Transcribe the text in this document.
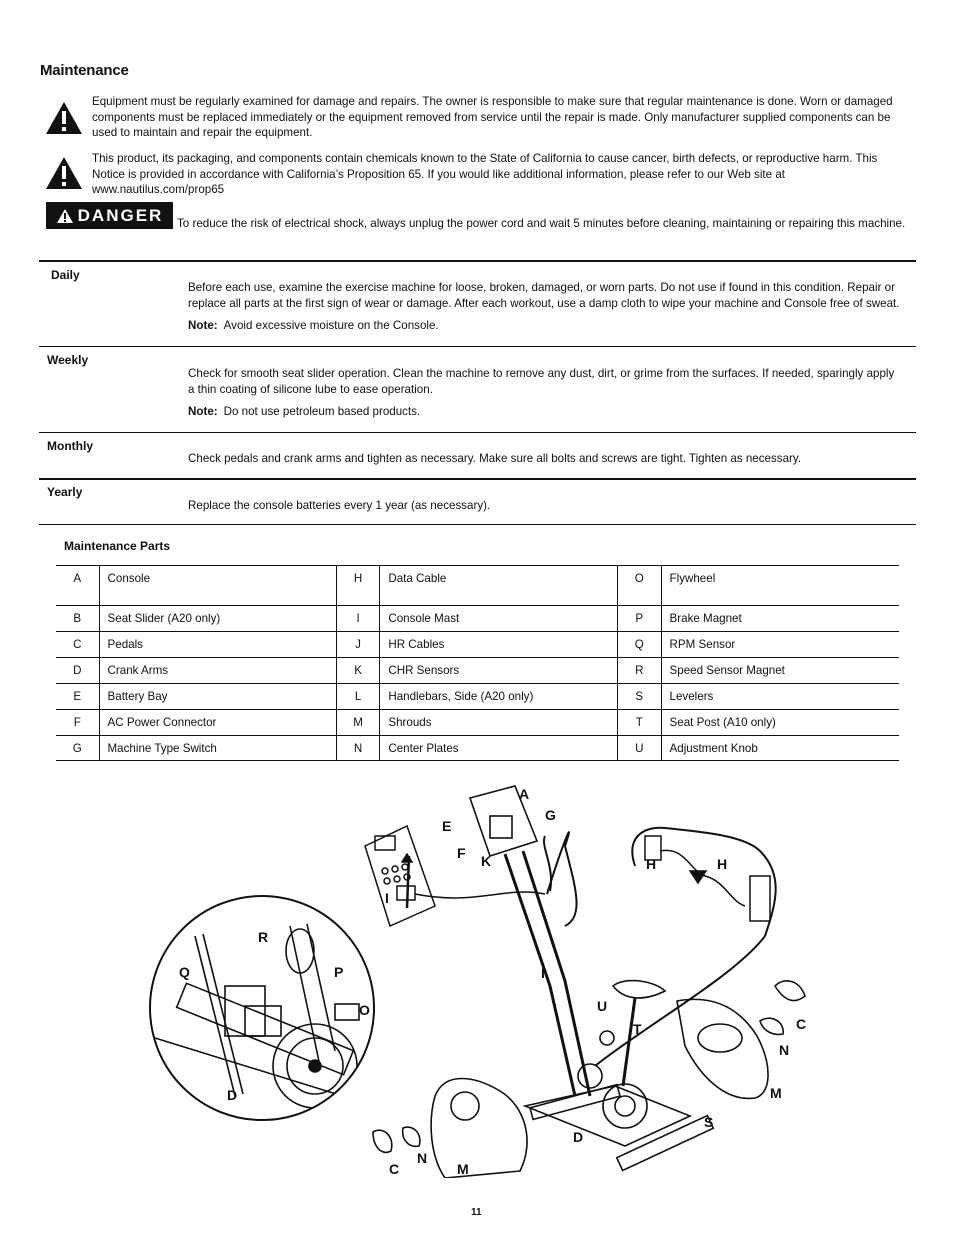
Maintenance
Equipment must be regularly examined for damage and repairs. The owner is responsible to make sure that regular maintenance is done. Worn or damaged components must be replaced immediately or the equipment removed from service until the repair is made. Only manufacturer supplied components can be used to maintain and repair the equipment.
This product, its packaging, and components contain chemicals known to the State of California to cause cancer, birth defects, or reproductive harm. This Notice is provided in accordance with California’s Proposition 65. If you would like additional information, please refer to our Web site at www.nautilus.com/prop65
DANGER To reduce the risk of electrical shock, always unplug the power cord and wait 5 minutes before cleaning, maintaining or repairing this machine.
Daily
Before each use, examine the exercise machine for loose, broken, damaged, or worn parts. Do not use if found in this condition. Repair or replace all parts at the first sign of wear or damage. After each workout, use a damp cloth to wipe your machine and Console free of sweat.
Note: Avoid excessive moisture on the Console.
Weekly
Check for smooth seat slider operation. Clean the machine to remove any dust, dirt, or grime from the surfaces. If needed, sparingly apply a thin coating of silicone lube to ease operation.
Note: Do not use petroleum based products.
Monthly
Check pedals and crank arms and tighten as necessary. Make sure all bolts and screws are tight. Tighten as necessary.
Yearly
Replace the console batteries every 1 year (as necessary).
Maintenance Parts
A	Console	H	Data Cable	O	Flywheel
B	Seat Slider (A20 only)	I	Console Mast	P	Brake Magnet
C	Pedals	J	HR Cables	Q	RPM Sensor
D	Crank Arms	K	CHR Sensors	R	Speed Sensor Magnet
E	Battery Bay	L	Handlebars, Side (A20 only)	S	Levelers
F	AC Power Connector	M	Shrouds	T	Seat Post (A10 only)
G	Machine Type Switch	N	Center Plates	U	Adjustment Knob
A
G
E
F K	H
I
H
R
Q	P
O
D
I
U
T	C
N
M
S
D
C
N
M
11
